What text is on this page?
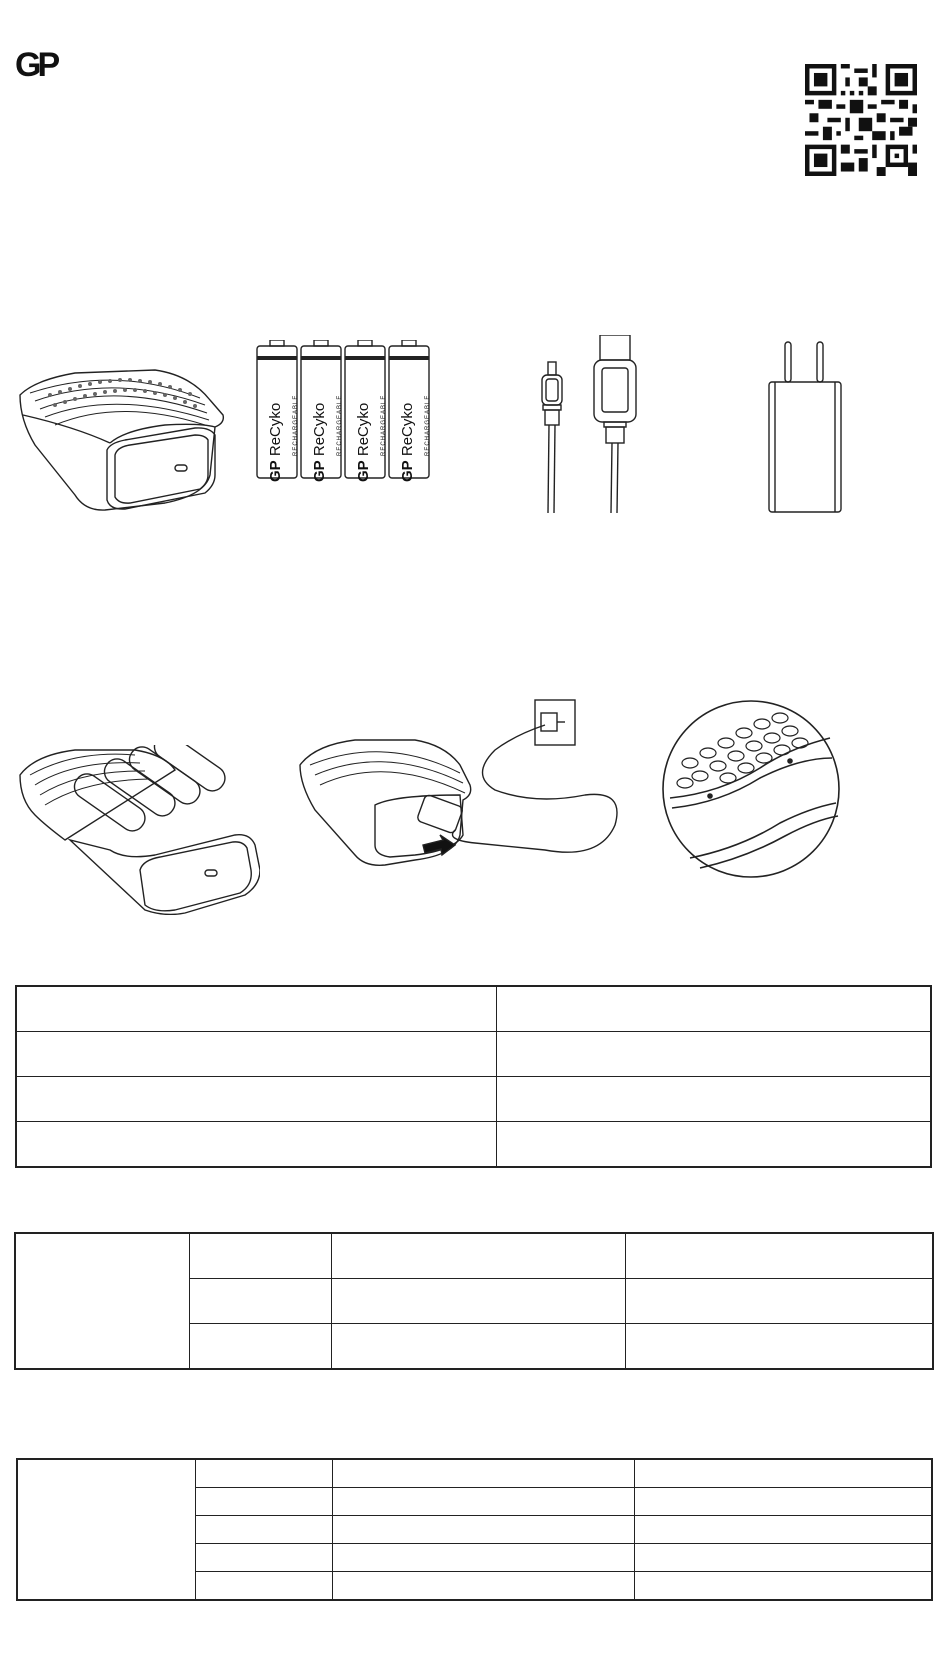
GP
GP ReCyko RECHARGEABLE
GP ReCyko RECHARGEABLE
GP ReCyko RECHARGEABLE
GP ReCyko RECHARGEABLE
